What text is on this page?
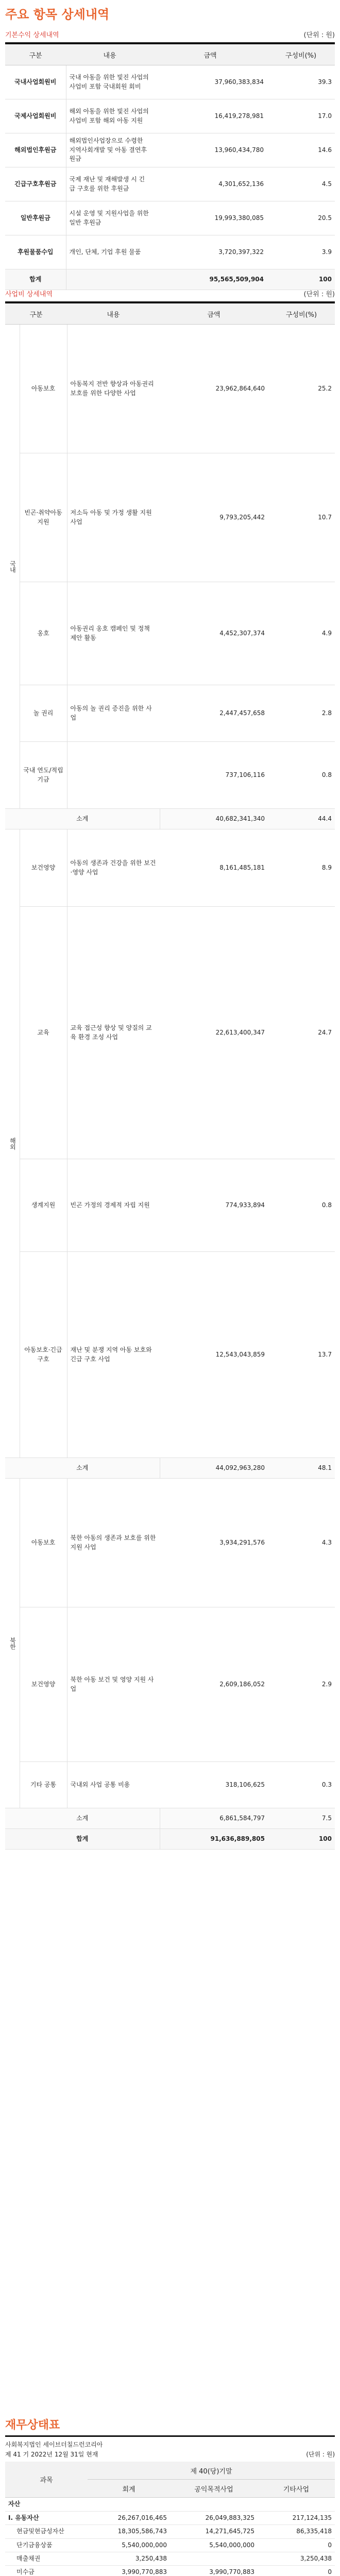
주요 항목 상세내역
기본수익 상세내역	(단위 : 원)
구분	내용	금액	구성비(%)
국내사업회원비	국내 아동을 위한 빛진 사업의 사업비 포함 국내회원 회비	37,960,383,834	39.3
국제사업회원비	해외 아동을 위한 빛진 사업의 사업비 포함 해외 아동 지원	16,419,278,981	17.0
해외법인후원금	해외법인사업장으로 수령한 지역사회개발 및 아동 결연후원금	13,960,434,780	14.6
긴급구호후원금	국제 재난 및 재해발생 시 긴급 구호를 위한 후원금	4,301,652,136	4.5
일반후원금	시설 운영 및 지원사업을 위한 일반 후원금	19,993,380,085	20.5
후원물품수입	개인, 단체, 기업 후원 물품	3,720,397,322	3.9
합계		95,565,509,904	100
사업비 상세내역	(단위 : 원)
구분		내용	금액	구성비(%)
국내	아동보호	아동복지 전반 향상과 아동권리 보호를 위한 다양한 사업	23,962,864,640	25.2
	빈곤·취약아동 지원	저소득 아동 및 가정 생활 지원 사업	9,793,205,442	10.7
	옹호	아동권리 옹호 캠페인 및 정책 제안 활동	4,452,307,374	4.9
	놀 권리	아동의 놀 권리 증진을 위한 사업	2,447,457,658	2.8
	국내 연도/적립 기금		737,106,116	0.8
소계			40,682,341,340	44.4
해외	보건영양	아동의 생존과 건강을 위한 보건·영양 사업	8,161,485,181	8.9
	교육	교육 접근성 향상 및 양질의 교육 환경 조성 사업	22,613,400,347	24.7
	생계지원	빈곤 가정의 경제적 자립 지원	774,933,894	0.8
	아동보호·긴급구호	재난 및 분쟁 지역 아동 보호와 긴급 구호 사업	12,543,043,859	13.7
소계			44,092,963,280	48.1
북한	아동보호	북한 아동의 생존과 보호를 위한 지원 사업	3,934,291,576	4.3
	보건영양	북한 아동 보건 및 영양 지원 사업	2,609,186,052	2.9
	기타 공통	국내외 사업 공통 비용	318,106,625	0.3
소계			6,861,584,797	7.5
합계			91,636,889,805	100
재무상태표
사회복지법인 세이브더칠드런코리아
제 41 기 2022년 12월 31일 현재	(단위 : 원)
과목	제 40(당)기말		
	회계	공익목적사업	기타사업
자산			
Ⅰ. 유동자산	26,267,016,465	26,049,883,325	217,124,135
현금및현금성자산	18,305,586,743	14,271,645,725	86,335,418
단기금융상품	5,540,000,000	5,540,000,000	0
매출채권	3,250,438		3,250,438
미수금	3,990,770,883	3,990,770,883	0
